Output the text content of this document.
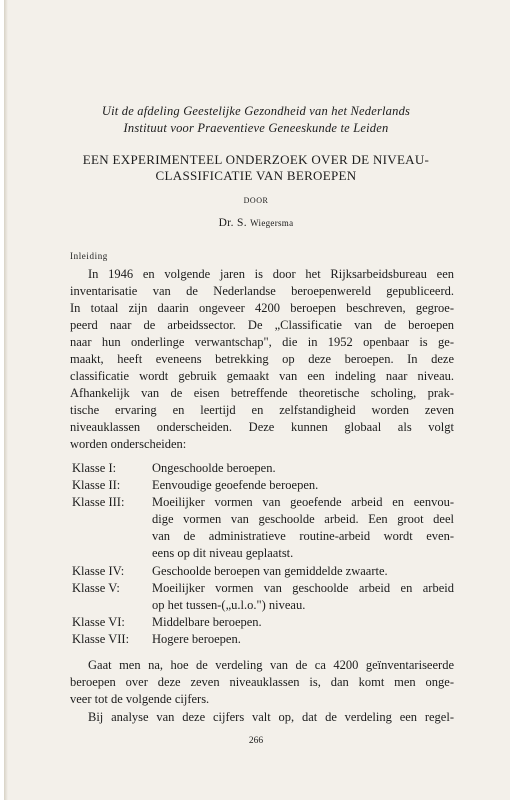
Uit de afdeling Geestelijke Gezondheid van het Nederlands
Instituut voor Praeventieve Geneeskunde te Leiden
EEN EXPERIMENTEEL ONDERZOEK OVER DE NIVEAU-
CLASSIFICATIE VAN BEROEPEN
DOOR
Dr. S. Wiegersma
Inleiding
In 1946 en volgende jaren is door het Rijksarbeidsbureau een
inventarisatie van de Nederlandse beroepenwereld gepubliceerd.
In totaal zijn daarin ongeveer 4200 beroepen beschreven, gegroe-
peerd naar de arbeidssector. De „Classificatie van de beroepen
naar hun onderlinge verwantschap", die in 1952 openbaar is ge-
maakt, heeft eveneens betrekking op deze beroepen. In deze
classificatie wordt gebruik gemaakt van een indeling naar niveau.
Afhankelijk van de eisen betreffende theoretische scholing, prak-
tische ervaring en leertijd en zelfstandigheid worden zeven
niveauklassen onderscheiden. Deze kunnen globaal als volgt
worden onderscheiden:
Klasse I:	Ongeschoolde beroepen.
Klasse II:	Eenvoudige geoefende beroepen.
Klasse III:	Moeilijker vormen van geoefende arbeid en eenvou-
dige vormen van geschoolde arbeid. Een groot deel
van de administratieve routine-arbeid wordt even-
eens op dit niveau geplaatst.
Klasse IV:	Geschoolde beroepen van gemiddelde zwaarte.
Klasse V:	Moeilijker vormen van geschoolde arbeid en arbeid
op het tussen-(„u.l.o.") niveau.
Klasse VI:	Middelbare beroepen.
Klasse VII:	Hogere beroepen.
Gaat men na, hoe de verdeling van de ca 4200 geïnventariseerde
beroepen over deze zeven niveauklassen is, dan komt men onge-
veer tot de volgende cijfers.
Bij analyse van deze cijfers valt op, dat de verdeling een regel-
266
